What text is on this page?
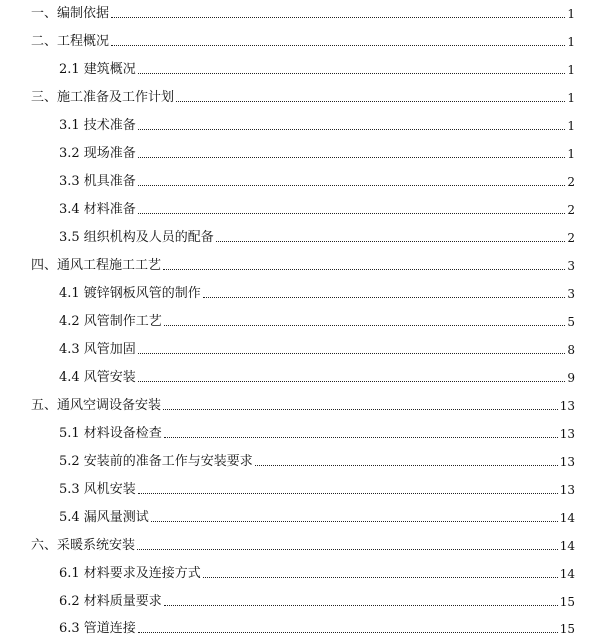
一、编制依据	1
二、工程概况	1
2.1 建筑概况	1
三、施工准备及工作计划	1
3.1 技术准备	1
3.2 现场准备	1
3.3 机具准备	2
3.4 材料准备	2
3.5 组织机构及人员的配备	2
四、通风工程施工工艺	3
4.1 镀锌钢板风管的制作	3
4.2 风管制作工艺	5
4.3 风管加固	8
4.4 风管安装	9
五、通风空调设备安装	13
5.1 材料设备检查	13
5.2 安装前的准备工作与安装要求	13
5.3 风机安装	13
5.4 漏风量测试	14
六、采暖系统安装	14
6.1 材料要求及连接方式	14
6.2 材料质量要求	15
6.3 管道连接	15
